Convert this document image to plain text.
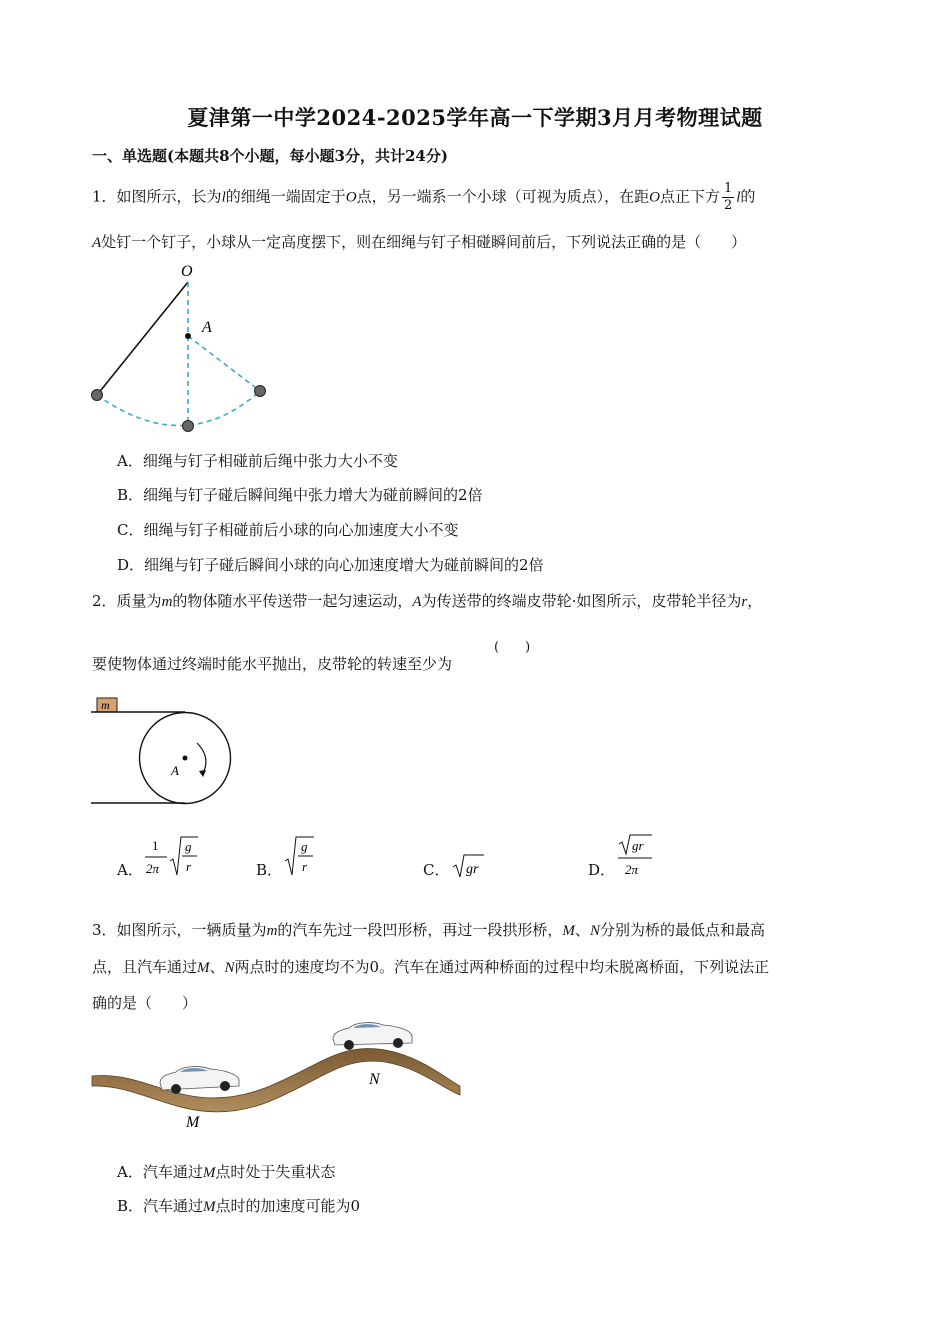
夏津第一中学2024-2025学年高一下学期3月月考物理试题
一、单选题(本题共8个小题，每小题3分，共计24分)
1．如图所示，长为l的细绳一端固定于O点，另一端系一个小球（可视为质点），在距O点正下方 $\frac{1}{2}$ l的
A处钉一个钉子，小球从一定高度摆下，则在细绳与钉子相碰瞬间前后，下列说法正确的是（　　）
O
A
A．细绳与钉子相碰前后绳中张力大小不变
B．细绳与钉子碰后瞬间绳中张力增大为碰前瞬间的2倍
C．细绳与钉子相碰前后小球的向心加速度大小不变
D．细绳与钉子碰后瞬间小球的向心加速度增大为碰前瞬间的2倍
2．质量为m的物体随水平传送带一起匀速运动，A为传送带的终端皮带轮·如图所示，皮带轮半径为r，
要使物体通过终端时能水平抛出，皮带轮的转速至少为
(　　)
m
A
A．
1
2π
g
r	B．
g
r	C． gr	D．
gr
2π
3．如图所示，一辆质量为m的汽车先过一段凹形桥，再过一段拱形桥，M、N分别为桥的最低点和最高
点，且汽车通过M、N两点时的速度均不为0。汽车在通过两种桥面的过程中均未脱离桥面，下列说法正
确的是（　　）
M
N
A．汽车通过M点时处于失重状态
B．汽车通过M点时的加速度可能为0
